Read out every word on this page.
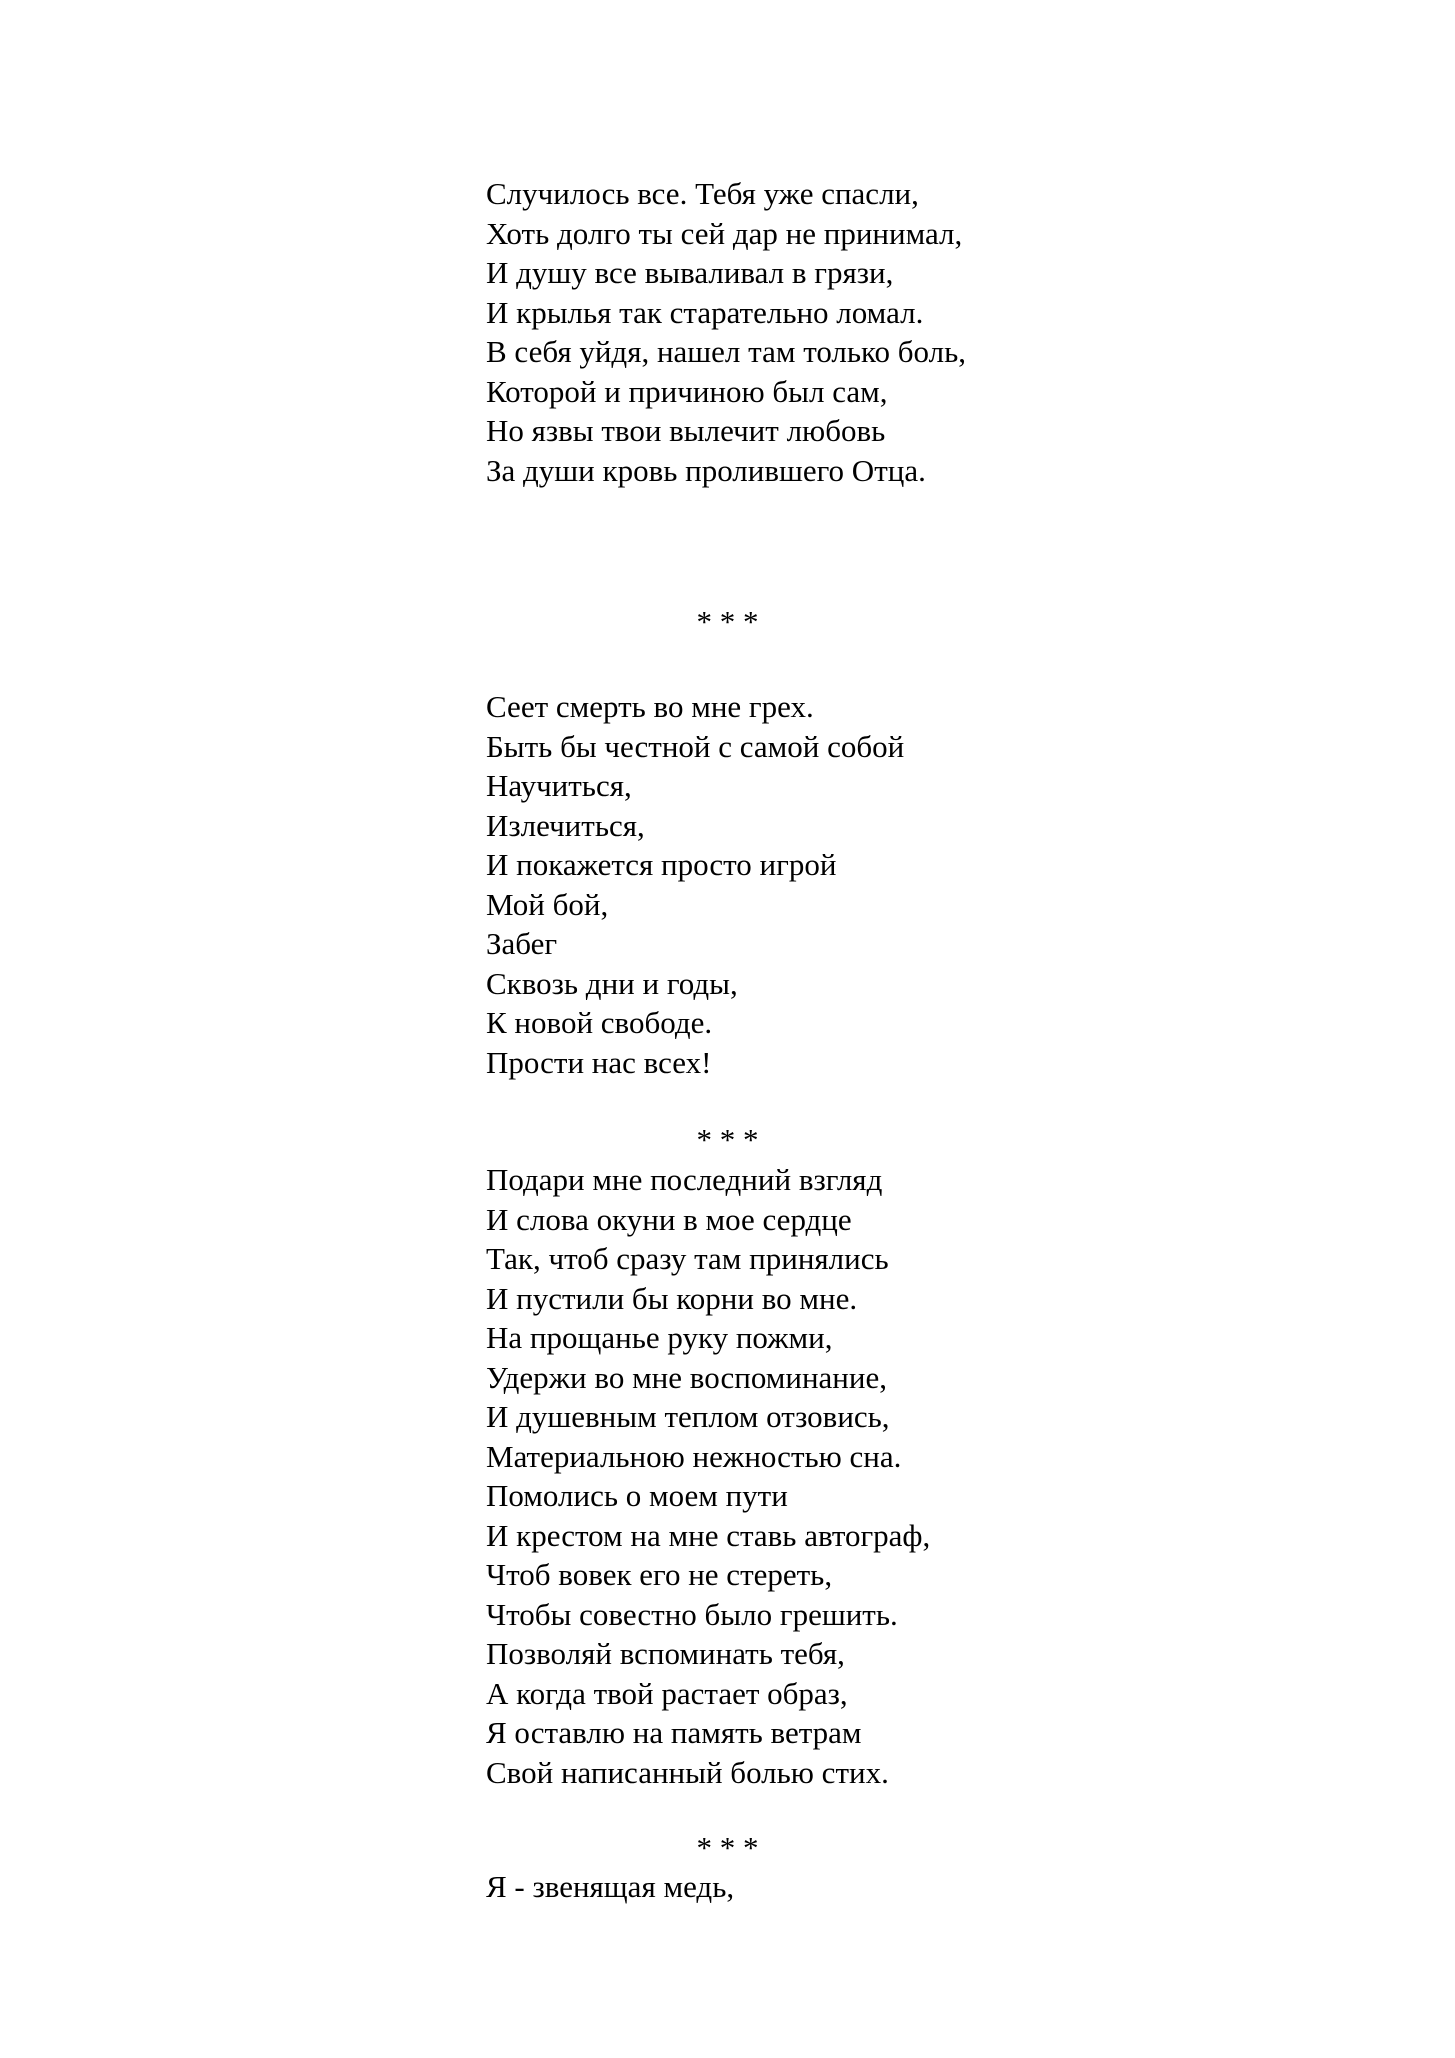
Случилось все. Тебя уже спасли,
Хоть долго ты сей дар не принимал,
И душу все вываливал в грязи,
И крылья так старательно ломал.
В себя уйдя, нашел там только боль,
Которой и причиною был сам,
Но язвы твои вылечит любовь
За души кровь пролившего Отца.
* * *
Сеет смерть во мне грех.
Быть бы честной с самой собой
Научиться,
Излечиться,
И покажется просто игрой
Мой бой,
Забег
Сквозь дни и годы,
К новой свободе.
Прости нас всех!
* * *
Подари мне последний взгляд
И слова окуни в мое сердце
Так, чтоб сразу там принялись
И пустили бы корни во мне.
На прощанье руку пожми,
Удержи во мне воспоминание,
И душевным теплом отзовись,
Материальною нежностью сна.
Помолись о моем пути
И крестом на мне ставь автограф,
Чтоб вовек его не стереть,
Чтобы совестно было грешить.
Позволяй вспоминать тебя,
А когда твой растает образ,
Я оставлю на память ветрам
Свой написанный болью стих.
* * *
Я - звенящая медь,
